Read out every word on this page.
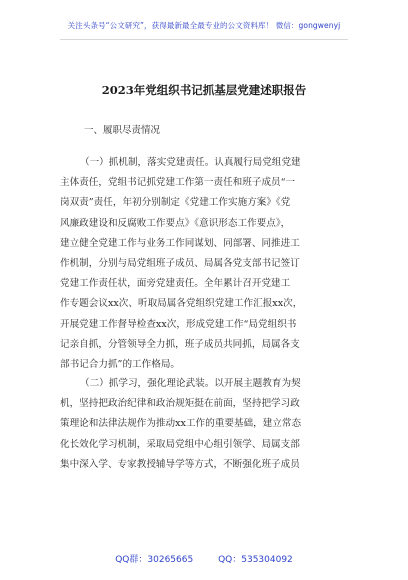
关注头条号“公文研究”，获得最新最全最专业的公文资料库！ 微信：gongwenyj
2023年党组织书记抓基层党建述职报告
一、履职尽责情况
（一）抓机制，落实党建责任。认真履行局党组党建
主体责任，党组书记抓党建工作第一责任和班子成员“一
岗双责”责任，年初分别制定《党建工作实施方案》《党
风廉政建设和反腐败工作要点》《意识形态工作要点》，
建立健全党建工作与业务工作同谋划、同部署、同推进工
作机制，分别与局党组班子成员、局属各党支部书记签订
党建工作责任状，面旁党建责任。全年累计召开党建工
作专题会议xx次、听取局属各党组织党建工作汇报xx次，
开展党建工作督导检查xx次，形成党建工作“局党组织书
记亲自抓，分管领导全力抓，班子成员共同抓，局属各支
部书记合力抓”的工作格局。
（二）抓学习，强化理论武装。以开展主题教育为契
机，坚持把政治纪律和政治规矩挺在前面，坚持把学习政
策理论和法律法规作为推动xx工作的重要基础，建立常态
化长效化学习机制，采取局党组中心组引领学、局属支部
集中深入学、专家教授辅导学等方式，不断强化班子成员
QQ群：30265665	QQ：535304092
